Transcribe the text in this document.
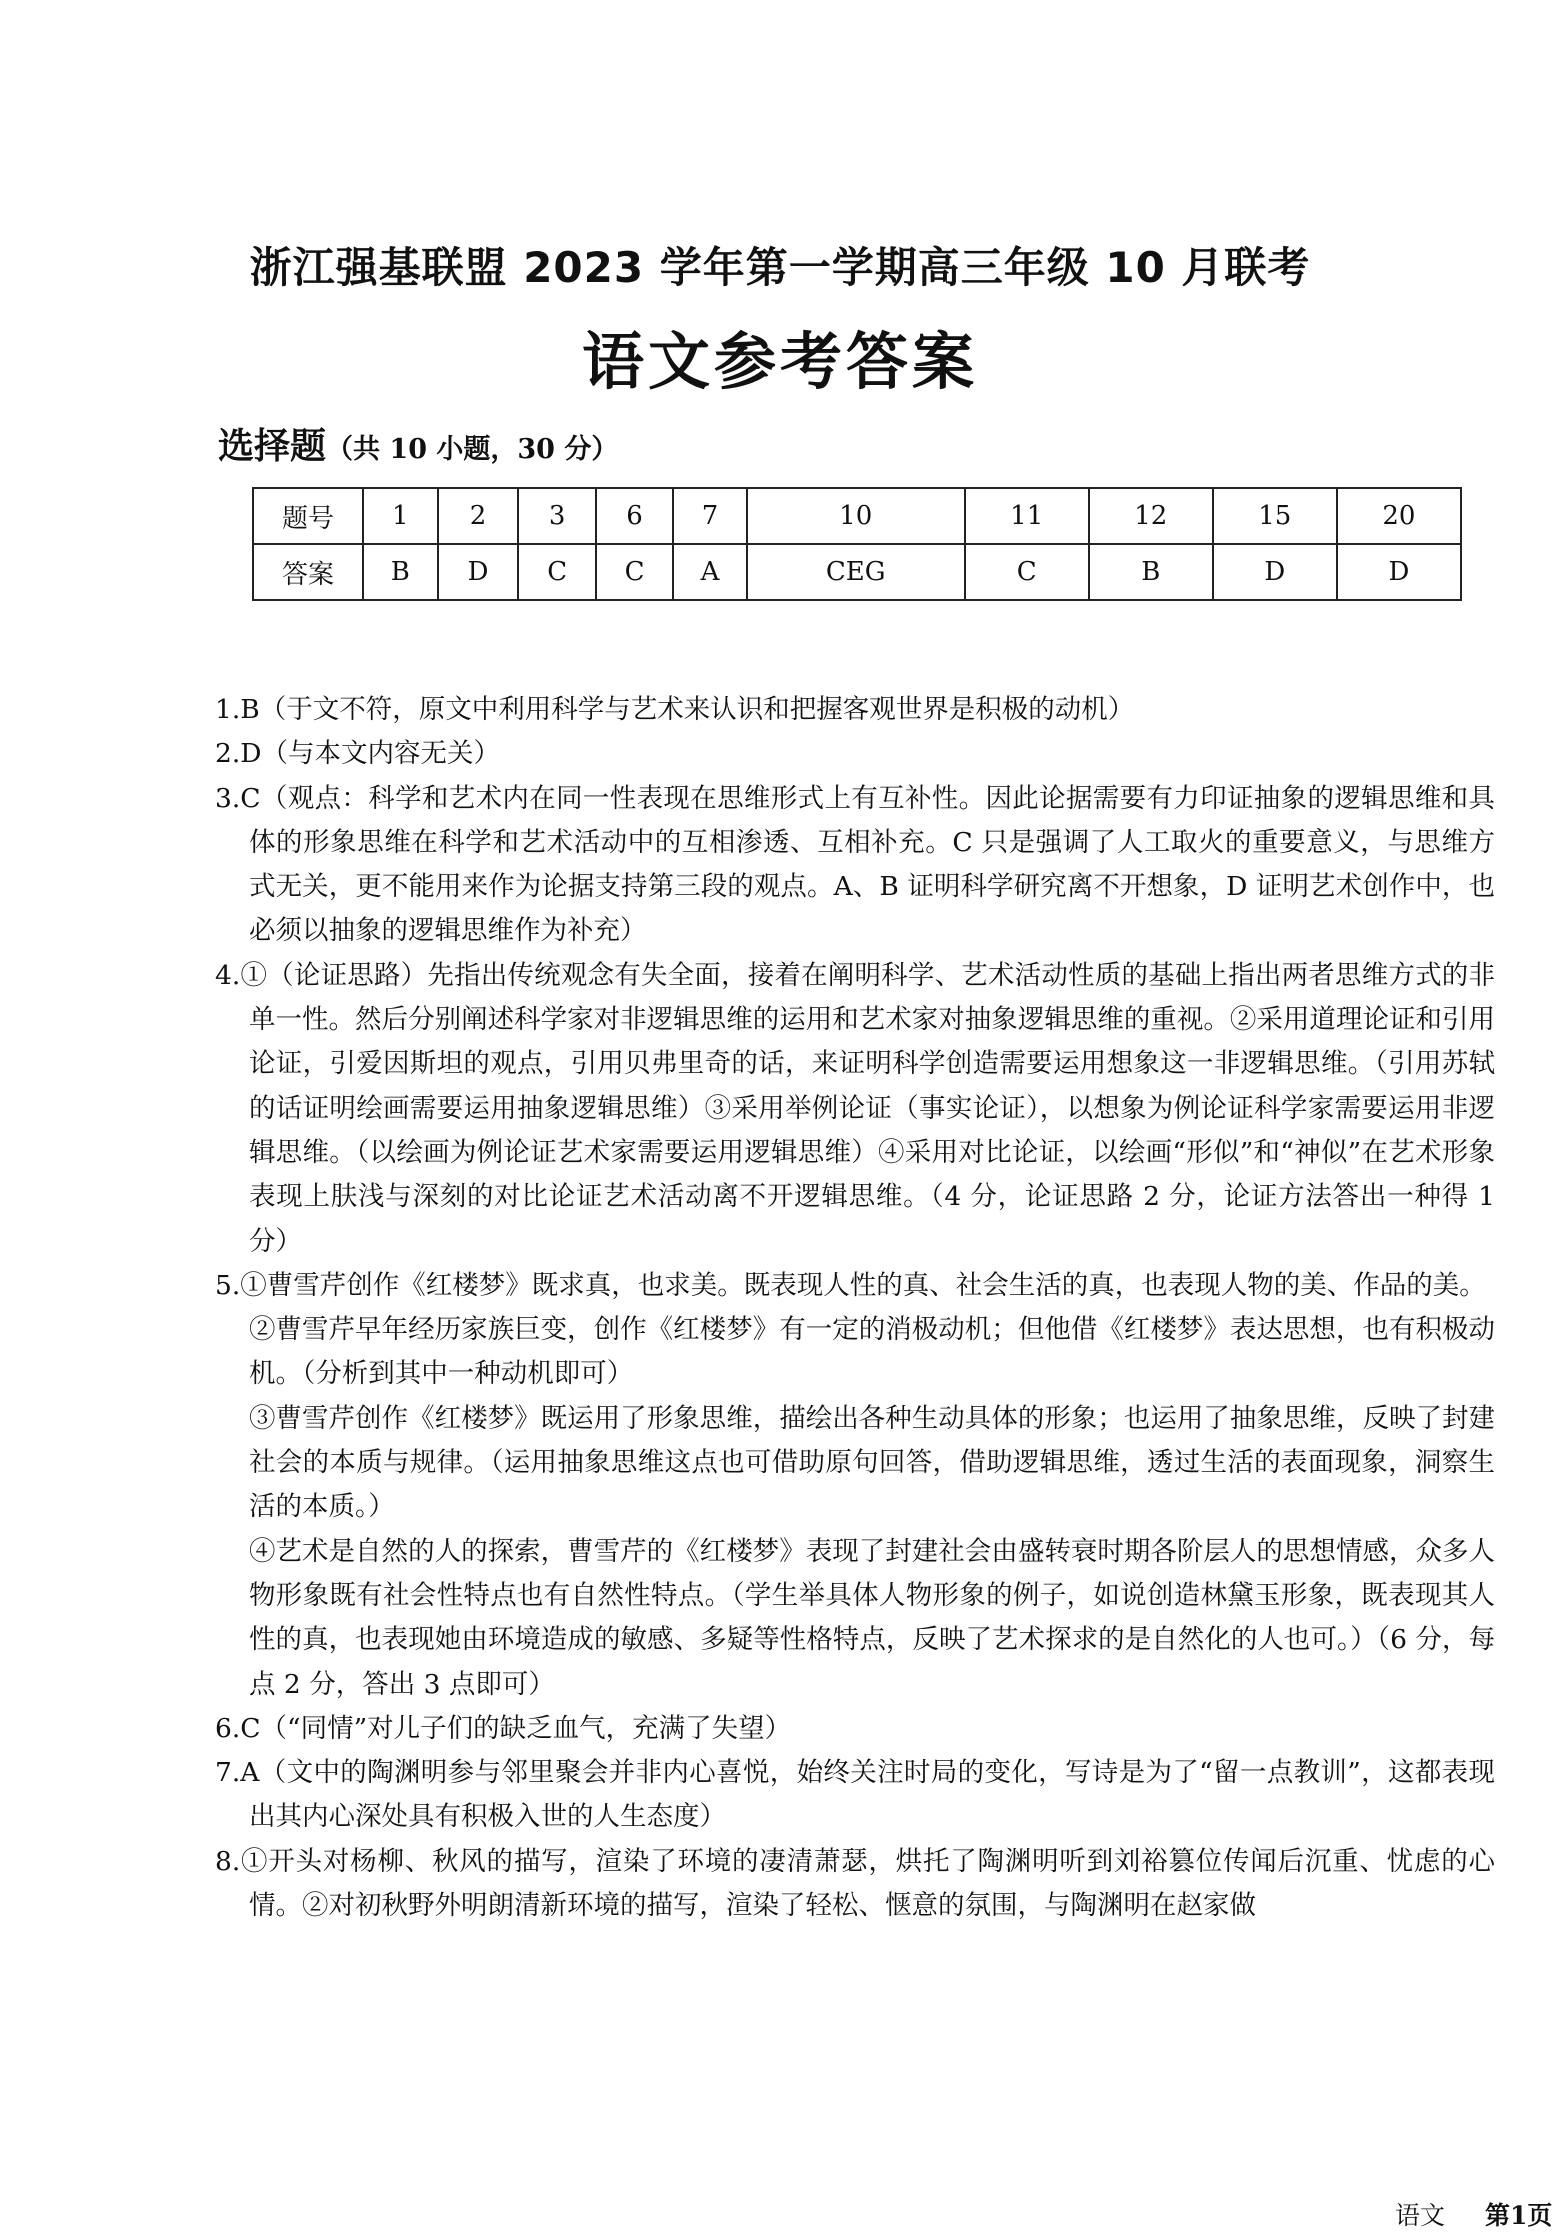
浙江强基联盟 2023 学年第一学期高三年级 10 月联考
语文参考答案
选择题（共 10 小题，30 分）
题号	1	2	3	6	7	10	11	12	15	20
答案	B	D	C	C	A	CEG	C	B	D	D
1.B（于文不符，原文中利用科学与艺术来认识和把握客观世界是积极的动机）
2.D（与本文内容无关）
3.C（观点：科学和艺术内在同一性表现在思维形式上有互补性。因此论据需要有力印证抽象的逻辑思维和具体的形象思维在科学和艺术活动中的互相渗透、互相补充。C 只是强调了人工取火的重要意义，与思维方式无关，更不能用来作为论据支持第三段的观点。A、B 证明科学研究离不开想象，D 证明艺术创作中，也必须以抽象的逻辑思维作为补充）
4.①（论证思路）先指出传统观念有失全面，接着在阐明科学、艺术活动性质的基础上指出两者思维方式的非单一性。然后分别阐述科学家对非逻辑思维的运用和艺术家对抽象逻辑思维的重视。②采用道理论证和引用论证，引爱因斯坦的观点，引用贝弗里奇的话，来证明科学创造需要运用想象这一非逻辑思维。（引用苏轼的话证明绘画需要运用抽象逻辑思维）③采用举例论证（事实论证），以想象为例论证科学家需要运用非逻辑思维。（以绘画为例论证艺术家需要运用逻辑思维）④采用对比论证，以绘画“形似”和“神似”在艺术形象表现上肤浅与深刻的对比论证艺术活动离不开逻辑思维。（4 分，论证思路 2 分，论证方法答出一种得 1 分）
5.①曹雪芹创作《红楼梦》既求真，也求美。既表现人性的真、社会生活的真，也表现人物的美、作品的美。
②曹雪芹早年经历家族巨变，创作《红楼梦》有一定的消极动机；但他借《红楼梦》表达思想，也有积极动机。（分析到其中一种动机即可）
③曹雪芹创作《红楼梦》既运用了形象思维，描绘出各种生动具体的形象；也运用了抽象思维，反映了封建社会的本质与规律。（运用抽象思维这点也可借助原句回答，借助逻辑思维，透过生活的表面现象，洞察生活的本质。）
④艺术是自然的人的探索，曹雪芹的《红楼梦》表现了封建社会由盛转衰时期各阶层人的思想情感，众多人物形象既有社会性特点也有自然性特点。（学生举具体人物形象的例子，如说创造林黛玉形象，既表现其人性的真，也表现她由环境造成的敏感、多疑等性格特点，反映了艺术探求的是自然化的人也可。）（6 分，每点 2 分，答出 3 点即可）
6.C（“同情”对儿子们的缺乏血气，充满了失望）
7.A（文中的陶渊明参与邻里聚会并非内心喜悦，始终关注时局的变化，写诗是为了“留一点教训”，这都表现出其内心深处具有积极入世的人生态度）
8.①开头对杨柳、秋风的描写，渲染了环境的凄清萧瑟，烘托了陶渊明听到刘裕篡位传闻后沉重、忧虑的心情。②对初秋野外明朗清新环境的描写，渲染了轻松、惬意的氛围，与陶渊明在赵家做
语文 第1页
